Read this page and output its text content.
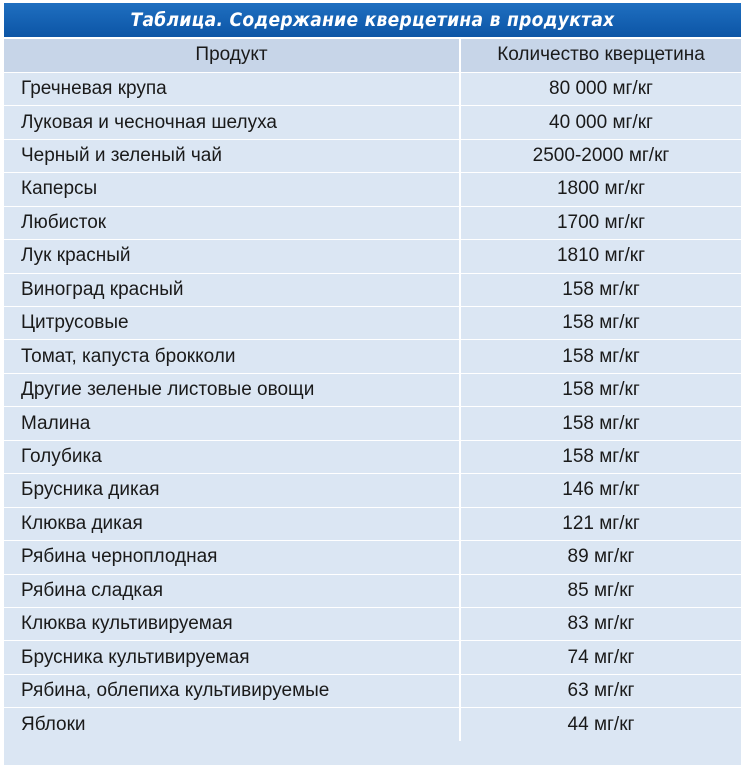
Таблица. Содержание кверцетина в продуктах
Продукт	Количество кверцетина
Гречневая крупа	80 000 мг/кг
Луковая и чесночная шелуха	40 000 мг/кг
Черный и зеленый чай	2500-2000 мг/кг
Каперсы	1800 мг/кг
Любисток	1700 мг/кг
Лук красный	1810 мг/кг
Виноград красный	158 мг/кг
Цитрусовые	158 мг/кг
Томат, капуста брокколи	158 мг/кг
Другие зеленые листовые овощи	158 мг/кг
Малина	158 мг/кг
Голубика	158 мг/кг
Брусника дикая	146 мг/кг
Клюква дикая	121 мг/кг
Рябина черноплодная	89 мг/кг
Рябина сладкая	85 мг/кг
Клюква культивируемая	83 мг/кг
Брусника культивируемая	74 мг/кг
Рябина, облепиха культивируемые	63 мг/кг
Яблоки	44 мг/кг
